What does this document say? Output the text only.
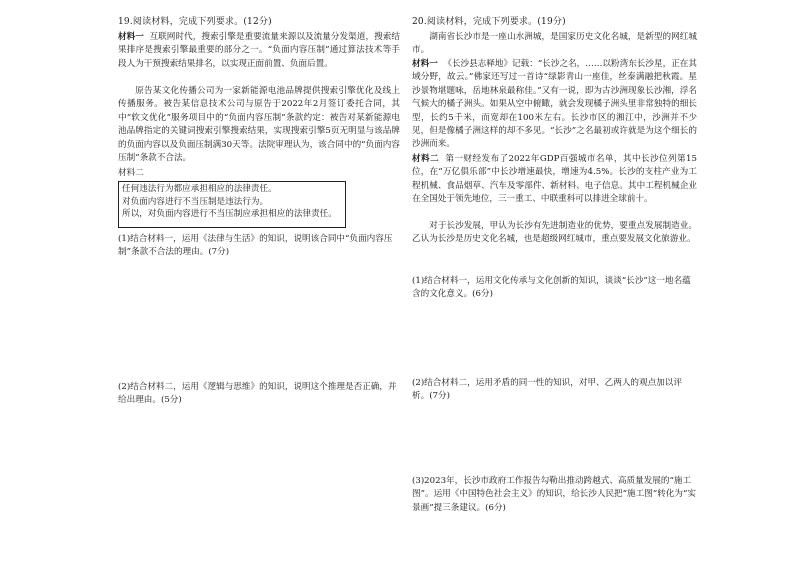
19.阅读材料，完成下列要求。(12分)
材料一 互联网时代，搜索引擎是重要流量来源以及流量分发渠道，搜索结果排序是搜索引擎最重要的部分之一。“负面内容压制”通过算法技术等手段人为干预搜索结果排名，以实现正面前置、负面后置。
原告某文化传播公司为一家新能源电池品牌提供搜索引擎优化及线上传播服务。被告某信息技术公司与原告于2022年2月签订委托合同，其中“软文优化”服务项目中的“负面内容压制”条款约定：被告对某新能源电池品牌指定的关键词搜索引擎搜索结果，实现搜索引擎5页无明显与该品牌的负面内容以及负面压制满30天等。法院审理认为，该合同中的“负面内容压制”条款不合法。
材料二
任何违法行为都应承担相应的法律责任。
对负面内容进行不当压制是违法行为。
所以，对负面内容进行不当压制应承担相应的法律责任。
(1)结合材料一，运用《法律与生活》的知识，说明该合同中“负面内容压制”条款不合法的理由。(7分)
(2)结合材料二，运用《逻辑与思维》的知识，说明这个推理是否正确，并给出理由。(5分)
20.阅读材料，完成下列要求。(19分)
湖南省长沙市是一座山水洲城，是国家历史文化名城，是新型的网红城市。
材料一 《长沙县志释地》记载：“长沙之名，……以粉湾东长沙星，正在其域分野，故云。”佛家还写过一首诗“绿影青山一座佳，丝泰满融把秋霞。星沙景物堪题咏，岳地林泉最称佳。”又有一说，即为古沙洲现象长沙湘，浮名气候大的橘子洲头。如果从空中俯瞰，就会发现橘子洲头里非常独特的细长型，长约5千米，而宽却在100米左右。长沙市区的湘江中，沙洲并不少见，但是像橘子洲这样的却不多见。“长沙”之名最初或许就是为这个细长的沙洲而来。
材料二 第一财经发布了2022年GDP百强城市名单，其中长沙位列第15位，在“万亿俱乐部”中长沙增速最快，增速为4.5%。长沙的支柱产业为工程机械、食品烟草、汽车及零部件、新材料、电子信息。其中工程机械企业在全国处于领先地位，三一重工、中联重科可以排进全球前十。
对于长沙发展，甲认为长沙有先进制造业的优势，要重点发展制造业。乙认为长沙是历史文化名城，也是超级网红城市，重点要发展文化旅游业。
(1)结合材料一，运用文化传承与文化创新的知识，谈谈“长沙”这一地名蕴含的文化意义。(6分)
(2)结合材料二，运用矛盾的同一性的知识，对甲、乙两人的观点加以评析。(7分)
(3)2023年，长沙市政府工作报告勾勒出推动跨越式、高质量发展的“施工图”。运用《中国特色社会主义》的知识，给长沙人民把“施工图”转化为“实景画”提三条建议。(6分)
